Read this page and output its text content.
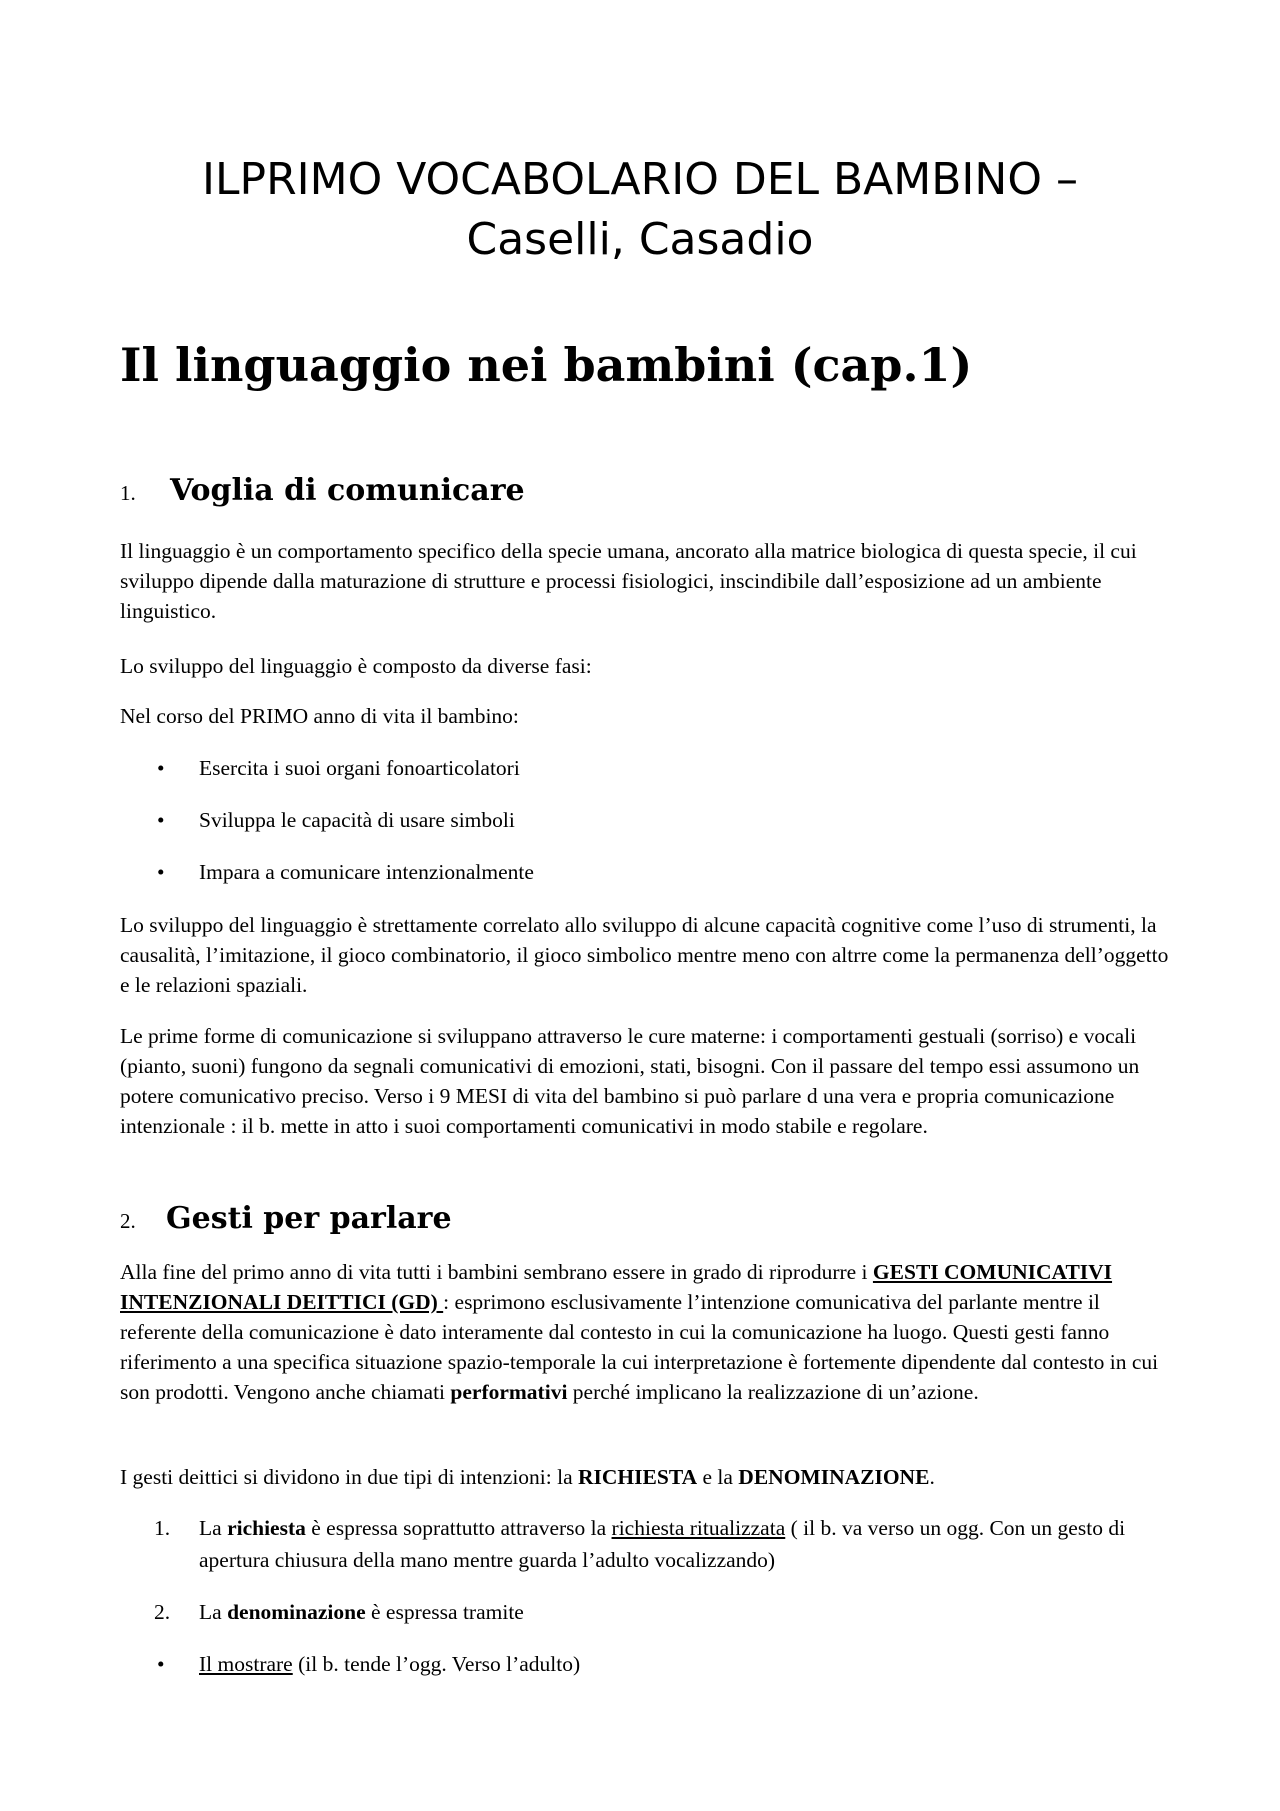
ILPRIMO VOCABOLARIO DEL BAMBINO –
Caselli, Casadio
Il linguaggio nei bambini (cap.1)
1. Voglia di comunicare

Il linguaggio è un comportamento specifico della specie umana, ancorato alla matrice biologica di questa specie, il cui sviluppo dipende dalla maturazione di strutture e processi fisiologici, inscindibile dall’esposizione ad un ambiente linguistico.

Lo sviluppo del linguaggio è composto da diverse fasi:

Nel corso del PRIMO anno di vita il bambino:

• Esercita i suoi organi fonoarticolatori
• Sviluppa le capacità di usare simboli
• Impara a comunicare intenzionalmente

Lo sviluppo del linguaggio è strettamente correlato allo sviluppo di alcune capacità cognitive come l’uso di strumenti, la causalità, l’imitazione, il gioco combinatorio, il gioco simbolico mentre meno con altrre come la permanenza dell’oggetto e le relazioni spaziali.

Le prime forme di comunicazione si sviluppano attraverso le cure materne: i comportamenti gestuali (sorriso) e vocali (pianto, suoni) fungono da segnali comunicativi di emozioni, stati, bisogni. Con il passare del tempo essi assumono un potere comunicativo preciso. Verso i 9 MESI di vita del bambino si può parlare d una vera e propria comunicazione intenzionale : il b. mette in atto i suoi comportamenti comunicativi in modo stabile e regolare.

2. Gesti per parlare

Alla fine del primo anno di vita tutti i bambini sembrano essere in grado di riprodurre i GESTI COMUNICATIVI INTENZIONALI DEITTICI (GD) : esprimono esclusivamente l’intenzione comunicativa del parlante mentre il referente della comunicazione è dato interamente dal contesto in cui la comunicazione ha luogo. Questi gesti fanno riferimento a una specifica situazione spazio-temporale la cui interpretazione è fortemente dipendente dal contesto in cui son prodotti. Vengono anche chiamati performativi perché implicano la realizzazione di un’azione.

I gesti deittici si dividono in due tipi di intenzioni: la RICHIESTA e la DENOMINAZIONE.

1. La richiesta è espressa soprattutto attraverso la richiesta ritualizzata ( il b. va verso un ogg. Con un gesto di apertura chiusura della mano mentre guarda l’adulto vocalizzando)
2. La denominazione è espressa tramite
• Il mostrare (il b. tende l’ogg. Verso l’adulto)
